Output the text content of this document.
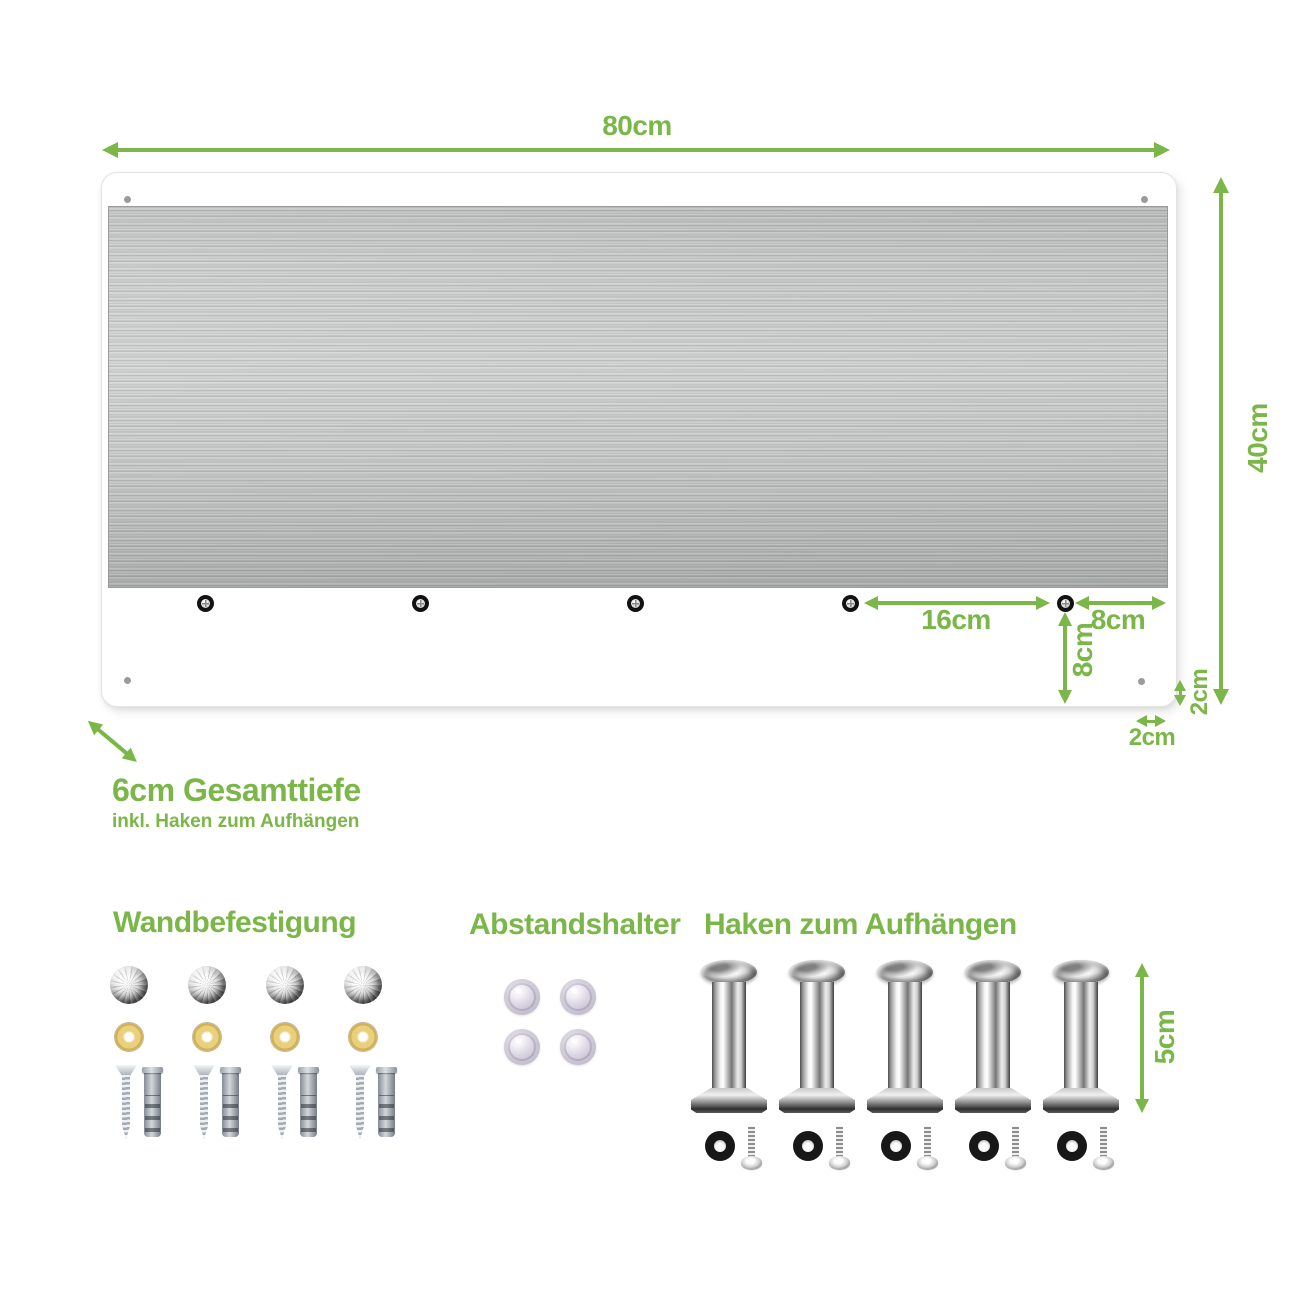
80cm
16cm	8cm
8cm
2cm
2cm
40cm
6cm Gesamttiefe
inkl. Haken zum Aufhängen
Wandbefestigung	Abstandshalter Haken zum Aufhängen
5cm
